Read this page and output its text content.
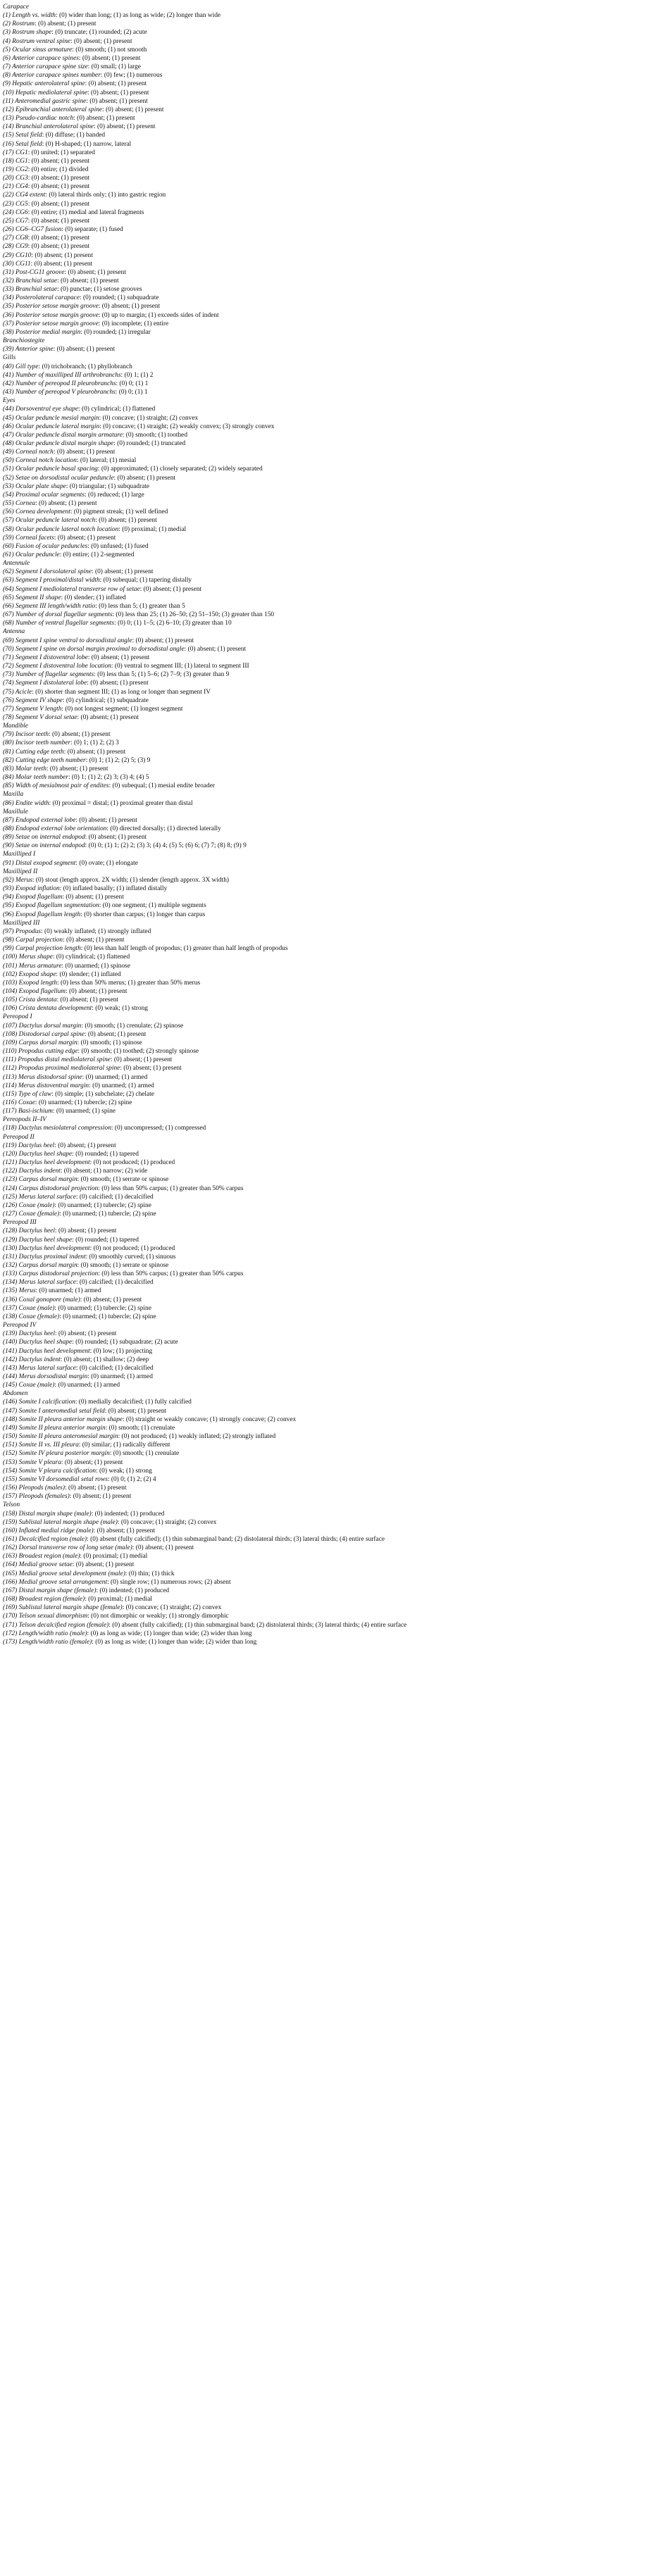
Carapace
(1) Length vs. width: (0) wider than long; (1) as long as wide; (2) longer than wide
(2) Rostrum: (0) absent; (1) present
(3) Rostrum shape: (0) truncate; (1) rounded; (2) acute
(4) Rostrum ventral spine: (0) absent; (1) present
(5) Ocular sinus armature: (0) smooth; (1) not smooth
(6) Anterior carapace spines: (0) absent; (1) present
(7) Anterior carapace spine size: (0) small; (1) large
(8) Anterior carapace spines number: (0) few; (1) numerous
(9) Hepatic anterolateral spine: (0) absent; (1) present
(10) Hepatic mediolateral spine: (0) absent; (1) present
(11) Anteromedial gastric spine: (0) absent; (1) present
(12) Epibranchial anterolateral spine: (0) absent; (1) present
(13) Pseudo-cardiac notch: (0) absent; (1) present
(14) Branchial anterolateral spine: (0) absent; (1) present
(15) Setal field: (0) diffuse; (1) banded
(16) Setal field: (0) H-shaped; (1) narrow, lateral
(17) CG1: (0) united; (1) separated
(18) CG1: (0) absent; (1) present
(19) CG2: (0) entire; (1) divided
(20) CG3: (0) absent; (1) present
(21) CG4: (0) absent; (1) present
(22) CG4 extent: (0) lateral thirds only; (1) into gastric region
(23) CG5: (0) absent; (1) present
(24) CG6: (0) entire; (1) medial and lateral fragments
(25) CG7: (0) absent; (1) present
(26) CG6–CG7 fusion: (0) separate; (1) fused
(27) CG8: (0) absent; (1) present
(28) CG9: (0) absent; (1) present
(29) CG10: (0) absent; (1) present
(30) CG11: (0) absent; (1) present
(31) Post-CG11 groove: (0) absent; (1) present
(32) Branchial setae: (0) absent; (1) present
(33) Branchial setae: (0) punctae; (1) setose grooves
(34) Posterolateral carapace: (0) rounded; (1) subquadrate
(35) Posterior setose margin groove: (0) absent; (1) present
(36) Posterior setose margin groove: (0) up to margin; (1) exceeds sides of indent
(37) Posterior setose margin groove: (0) incomplete; (1) entire
(38) Posterior medial margin: (0) rounded; (1) irregular
Branchiostegite
(39) Anterior spine: (0) absent; (1) present
Gills
(40) Gill type: (0) trichobranch; (1) phyllobranch
(41) Number of maxilliped III arthrobranchs: (0) 1; (1) 2
(42) Number of pereopod II pleurobranchs: (0) 0; (1) 1
(43) Number of pereopod V pleurobranchs: (0) 0; (1) 1
Eyes
(44) Dorsoventral eye shape: (0) cylindrical; (1) flattened
(45) Ocular peduncle mesial margin: (0) concave; (1) straight; (2) convex
(46) Ocular peduncle lateral margin: (0) concave; (1) straight; (2) weakly convex; (3) strongly convex
(47) Ocular peduncle distal margin armature: (0) smooth; (1) toothed
(48) Ocular peduncle distal margin shape: (0) rounded; (1) truncated
(49) Corneal notch: (0) absent; (1) present
(50) Corneal notch location: (0) lateral; (1) mesial
(51) Ocular peduncle basal spacing: (0) approximated; (1) closely separated; (2) widely separated
(52) Setae on dorsodistal ocular peduncle: (0) absent; (1) present
(53) Ocular plate shape: (0) triangular; (1) subquadrate
(54) Proximal ocular segments: (0) reduced; (1) large
(55) Cornea: (0) absent; (1) present
(56) Cornea development: (0) pigment streak; (1) well defined
(57) Ocular peduncle lateral notch: (0) absent; (1) present
(58) Ocular peduncle lateral notch location: (0) proximal; (1) medial
(59) Corneal facets: (0) absent; (1) present
(60) Fusion of ocular peduncles: (0) unfused; (1) fused
(61) Ocular peduncle: (0) entire; (1) 2-segmented
Antennule
(62) Segment I dorsolateral spine: (0) absent; (1) present
(63) Segment I proximal/distal width: (0) subequal; (1) tapering distally
(64) Segment I mediolateral transverse row of setae: (0) absent; (1) present
(65) Segment II shape: (0) slender; (1) inflated
(66) Segment III length/width ratio: (0) less than 5; (1) greater than 5
(67) Number of dorsal flagellar segments: (0) less than 25; (1) 26–50; (2) 51–150; (3) greater than 150
(68) Number of ventral flagellar segments: (0) 0; (1) 1–5; (2) 6–10; (3) greater than 10
Antenna
(69) Segment I spine ventral to dorsodistal angle: (0) absent; (1) present
(70) Segment I spine on dorsal margin proximal to dorsodistal angle: (0) absent; (1) present
(71) Segment I distoventral lobe: (0) absent; (1) present
(72) Segment I distoventral lobe location: (0) ventral to segment III; (1) lateral to segment III
(73) Number of flagellar segments: (0) less than 5; (1) 5–6; (2) 7–9; (3) greater than 9
(74) Segment I distolateral lobe: (0) absent; (1) present
(75) Acicle: (0) shorter than segment III; (1) as long or longer than segment IV
(76) Segment IV shape: (0) cylindrical; (1) subquadrate
(77) Segment V length: (0) not longest segment; (1) longest segment
(78) Segment V dorsal setae: (0) absent; (1) present
Mandible
(79) Incisor teeth: (0) absent; (1) present
(80) Incisor teeth number: (0) 1; (1) 2; (2) 3
(81) Cutting edge teeth: (0) absent; (1) present
(82) Cutting edge teeth number: (0) 1; (1) 2; (2) 5; (3) 9
(83) Molar teeth: (0) absent; (1) present
(84) Molar teeth number: (0) 1; (1) 2; (2) 3; (3) 4; (4) 5
(85) Width of mesialmost pair of endites: (0) subequal; (1) mesial endite broader
Maxilla
(86) Endite width: (0) proximal = distal; (1) proximal greater than distal
Maxillule
(87) Endopod external lobe: (0) absent; (1) present
(88) Endopod external lobe orientation: (0) directed dorsally; (1) directed laterally
(89) Setae on internal endopod: (0) absent; (1) present
(90) Setae on internal endopod: (0) 0; (1) 1; (2) 2; (3) 3; (4) 4; (5) 5; (6) 6; (7) 7; (8) 8; (9) 9
Maxilliped I
(91) Distal exopod segment: (0) ovate; (1) elongate
Maxilliped II
(92) Merus: (0) stout (length approx. 2X width; (1) slender (length approx. 3X width)
(93) Exopod inflation: (0) inflated basally; (1) inflated distally
(94) Exopod flagellum: (0) absent; (1) present
(95) Exopod flagellum segmentation: (0) one segment; (1) multiple segments
(96) Exopod flagellum length: (0) shorter than carpus; (1) longer than carpus
Maxilliped III
(97) Propodus: (0) weakly inflated; (1) strongly inflated
(98) Carpal projection: (0) absent; (1) present
(99) Carpal projection length: (0) less than half length of propodus; (1) greater than half length of propodus
(100) Merus shape: (0) cylindrical; (1) flattened
(101) Merus armature: (0) unarmed; (1) spinose
(102) Exopod shape: (0) slender; (1) inflated
(103) Exopod length: (0) less than 50% merus; (1) greater than 50% merus
(104) Exopod flagellum: (0) absent; (1) present
(105) Crista dentata: (0) absent; (1) present
(106) Crista dentata development: (0) weak; (1) strong
Pereopod I
(107) Dactylus dorsal margin: (0) smooth; (1) crenulate; (2) spinose
(108) Distodorsal carpal spine: (0) absent; (1) present
(109) Carpus dorsal margin: (0) smooth; (1) spinose
(110) Propodus cutting edge: (0) smooth; (1) toothed; (2) strongly spinose
(111) Propodus distal mediolateral spine: (0) absent; (1) present
(112) Propodus proximal mediolateral spine: (0) absent; (1) present
(113) Merus distodorsal spine: (0) unarmed; (1) armed
(114) Merus distoventral margin: (0) unarmed; (1) armed
(115) Type of claw: (0) simple; (1) subchelate; (2) chelate
(116) Coxae: (0) unarmed; (1) tubercle; (2) spine
(117) Basi-ischium: (0) unarmed; (1) spine
Pereopods II–IV
(118) Dactylus mesiolateral compression: (0) uncompressed; (1) compressed
Pereopod II
(119) Dactylus heel: (0) absent; (1) present
(120) Dactylus heel shape: (0) rounded; (1) tapered
(121) Dactylus heel development: (0) not produced; (1) produced
(122) Dactylus indent: (0) absent; (1) narrow; (2) wide
(123) Carpus dorsal margin: (0) smooth; (1) serrate or spinose
(124) Carpus distodorsal projection: (0) less than 50% carpus; (1) greater than 50% carpus
(125) Merus lateral surface: (0) calcified; (1) decalcified
(126) Coxae (male): (0) unarmed; (1) tubercle; (2) spine
(127) Coxae (female): (0) unarmed; (1) tubercle; (2) spine
Pereopod III
(128) Dactylus heel: (0) absent; (1) present
(129) Dactylus heel shape: (0) rounded; (1) tapered
(130) Dactylus heel development: (0) not produced; (1) produced
(131) Dactylus proximal indent: (0) smoothly curved; (1) sinuous
(132) Carpus dorsal margin: (0) smooth; (1) serrate or spinose
(133) Carpus distodorsal projection: (0) less than 50% carpus; (1) greater than 50% carpus
(134) Merus lateral surface: (0) calcified; (1) decalcified
(135) Merus: (0) unarmed; (1) armed
(136) Coxal gonopore (male): (0) absent; (1) present
(137) Coxae (male): (0) unarmed; (1) tubercle; (2) spine
(138) Coxae (female): (0) unarmed; (1) tubercle; (2) spine
Pereopod IV
(139) Dactylus heel: (0) absent; (1) present
(140) Dactylus heel shape: (0) rounded; (1) subquadrate; (2) acute
(141) Dactylus heel development: (0) low; (1) projecting
(142) Dactylus indent: (0) absent; (1) shallow; (2) deep
(143) Merus lateral surface: (0) calcified; (1) decalcified
(144) Merus dorsodistal margin: (0) unarmed; (1) armed
(145) Coxae (male): (0) unarmed; (1) armed
Abdomen
(146) Somite I calcification: (0) medially decalcified; (1) fully calcified
(147) Somite I anteromedial setal field: (0) absent; (1) present
(148) Somite II pleura anterior margin shape: (0) straight or weakly concave; (1) strongly concave; (2) convex
(149) Somite II pleura anterior margin: (0) smooth; (1) crenulate
(150) Somite II pleura anteromesial margin: (0) not produced; (1) weakly inflated; (2) strongly inflated
(151) Somite II vs. III pleura: (0) similar; (1) radically different
(152) Somite IV pleura posterior margin: (0) smooth; (1) crenulate
(153) Somite V pleura: (0) absent; (1) present
(154) Somite V pleura calcification: (0) weak; (1) strong
(155) Somite VI dorsomedial setal rows: (0) 0; (1) 2; (2) 4
(156) Pleopods (males): (0) absent; (1) present
(157) Pleopods (females): (0) absent; (1) present
Telson
(158) Distal margin shape (male): (0) indented; (1) produced
(159) Sublistal lateral margin shape (male): (0) concave; (1) straight; (2) convex
(160) Inflated medial ridge (male): (0) absent; (1) present
(161) Decalcified region (male): (0) absent (fully calcified); (1) thin submarginal band; (2) distolateral thirds; (3) lateral thirds; (4) entire surface
(162) Dorsal transverse row of long setae (male): (0) absent; (1) present
(163) Broadest region (male): (0) proximal; (1) medial
(164) Medial groove setae: (0) absent; (1) present
(165) Medial groove setal development (male): (0) thin; (1) thick
(166) Medial groove setal arrangement: (0) single row; (1) numerous rows; (2) absent
(167) Distal margin shape (female): (0) indented; (1) produced
(168) Broadest region (female): (0) proximal; (1) medial
(169) Sublistal lateral margin shape (female): (0) concave; (1) straight; (2) convex
(170) Telson sexual dimorphism: (0) not dimorphic or weakly; (1) strongly dimorphic
(171) Telson decalcified region (female): (0) absent (fully calcified); (1) thin submarginal band; (2) distolateral thirds; (3) lateral thirds; (4) entire surface
(172) Length/width ratio (male): (0) as long as wide; (1) longer than wide; (2) wider than long
(173) Length/width ratio (female): (0) as long as wide; (1) longer than wide; (2) wider than long
